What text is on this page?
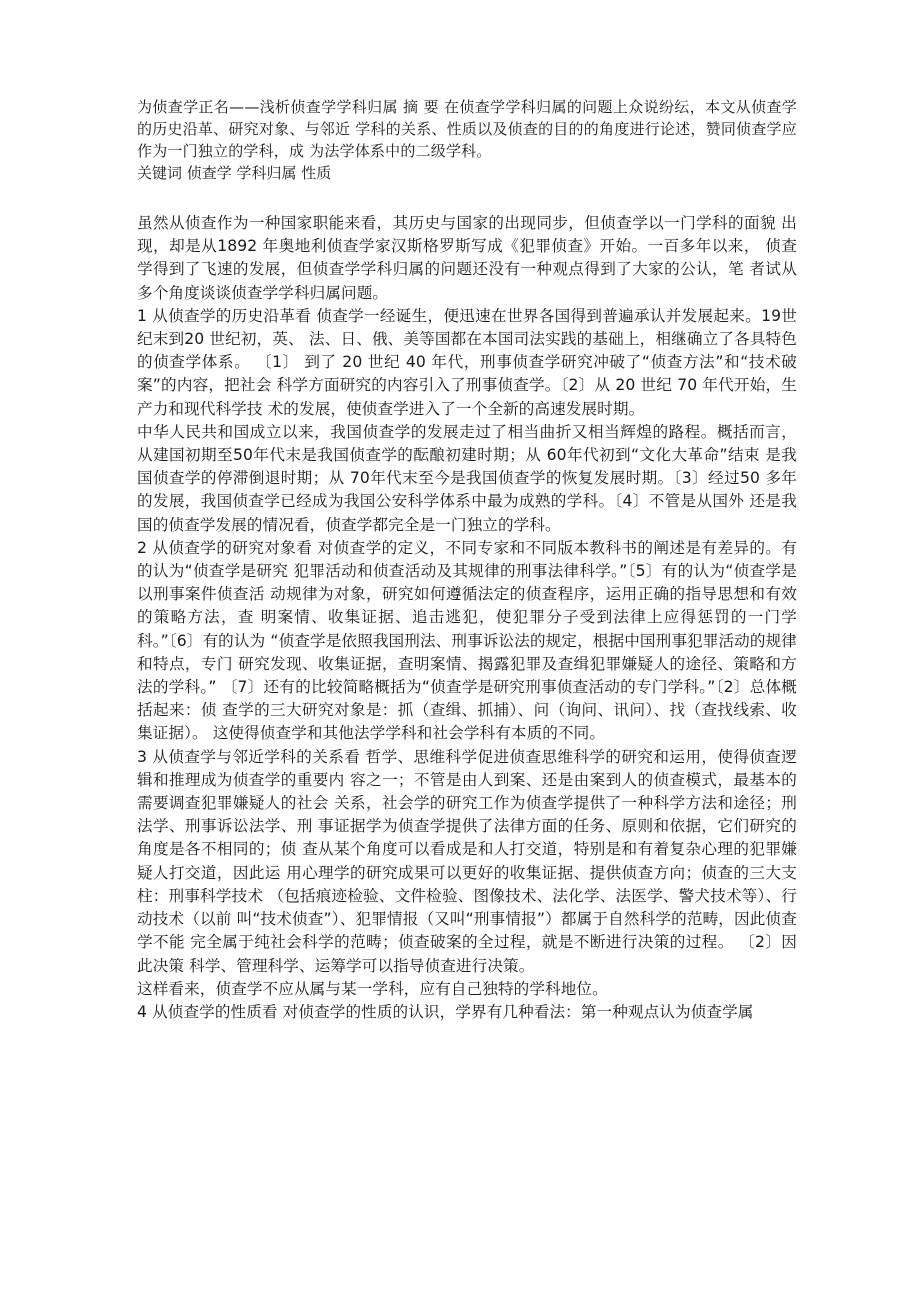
为侦查学正名——浅析侦查学学科归属 摘 要 在侦查学学科归属的问题上众说纷纭，本文从侦查学的历史沿革、研究对象、与邻近 学科的关系、性质以及侦查的目的的角度进行论述，赞同侦查学应作为一门独立的学科，成 为法学体系中的二级学科。

关键词 侦查学 学科归属 性质

虽然从侦查作为一种国家职能来看，其历史与国家的出现同步，但侦查学以一门学科的面貌 出现，却是从1892 年奥地利侦查学家汉斯格罗斯写成《犯罪侦查》开始。一百多年以来， 侦查学得到了飞速的发展，但侦查学学科归属的问题还没有一种观点得到了大家的公认，笔 者试从多个角度谈谈侦查学学科归属问题。

1 从侦查学的历史沿革看 侦查学一经诞生，便迅速在世界各国得到普遍承认并发展起来。19世纪末到20 世纪初，英、 法、日、俄、美等国都在本国司法实践的基础上，相继确立了各具特色的侦查学体系。 〔1〕 到了 20 世纪 40 年代，刑事侦查学研究冲破了“侦查方法”和“技术破案”的内容，把社会 科学方面研究的内容引入了刑事侦查学。〔2〕从 20 世纪 70 年代开始，生产力和现代科学技 术的发展，使侦查学进入了一个全新的高速发展时期。

中华人民共和国成立以来，我国侦查学的发展走过了相当曲折又相当辉煌的路程。概括而言， 从建国初期至50年代末是我国侦查学的酝酿初建时期；从 60年代初到“文化大革命”结束 是我国侦查学的停滞倒退时期；从 70年代末至今是我国侦查学的恢复发展时期。〔3〕经过50 多年的发展，我国侦查学已经成为我国公安科学体系中最为成熟的学科。〔4〕不管是从国外 还是我国的侦查学发展的情况看，侦查学都完全是一门独立的学科。

2 从侦查学的研究对象看 对侦查学的定义，不同专家和不同版本教科书的阐述是有差异的。有的认为“侦查学是研究 犯罪活动和侦查活动及其规律的刑事法律科学。”〔5〕有的认为“侦查学是以刑事案件侦查活 动规律为对象，研究如何遵循法定的侦查程序，运用正确的指导思想和有效的策略方法，查 明案情、收集证据、追击逃犯，使犯罪分子受到法律上应得惩罚的一门学科。”〔6〕有的认为 “侦查学是依照我国刑法、刑事诉讼法的规定，根据中国刑事犯罪活动的规律和特点，专门 研究发现、收集证据，查明案情、揭露犯罪及查缉犯罪嫌疑人的途径、策略和方法的学科。” 〔7〕还有的比较简略概括为“侦查学是研究刑事侦查活动的专门学科。”〔2〕总体概括起来：侦 查学的三大研究对象是：抓（查缉、抓捕）、问（询问、讯问）、找（查找线索、收集证据）。 这使得侦查学和其他法学学科和社会学科有本质的不同。

3 从侦查学与邻近学科的关系看 哲学、思维科学促进侦查思维科学的研究和运用，使得侦查逻辑和推理成为侦查学的重要内 容之一；不管是由人到案、还是由案到人的侦查模式，最基本的需要调查犯罪嫌疑人的社会 关系，社会学的研究工作为侦查学提供了一种科学方法和途径；刑法学、刑事诉讼法学、刑 事证据学为侦查学提供了法律方面的任务、原则和依据，它们研究的角度是各不相同的；侦 查从某个角度可以看成是和人打交道，特别是和有着复杂心理的犯罪嫌疑人打交道，因此运 用心理学的研究成果可以更好的收集证据、提供侦查方向；侦查的三大支柱：刑事科学技术 （包括痕迹检验、文件检验、图像技术、法化学、法医学、警犬技术等）、行动技术（以前 叫“技术侦查”）、犯罪情报（又叫“刑事情报”）都属于自然科学的范畴，因此侦查学不能 完全属于纯社会科学的范畴；侦查破案的全过程，就是不断进行决策的过程。 〔2〕因此决策 科学、管理科学、运筹学可以指导侦查进行决策。

这样看来，侦查学不应从属与某一学科，应有自己独特的学科地位。

4 从侦查学的性质看 对侦查学的性质的认识，学界有几种看法：第一种观点认为侦查学属
